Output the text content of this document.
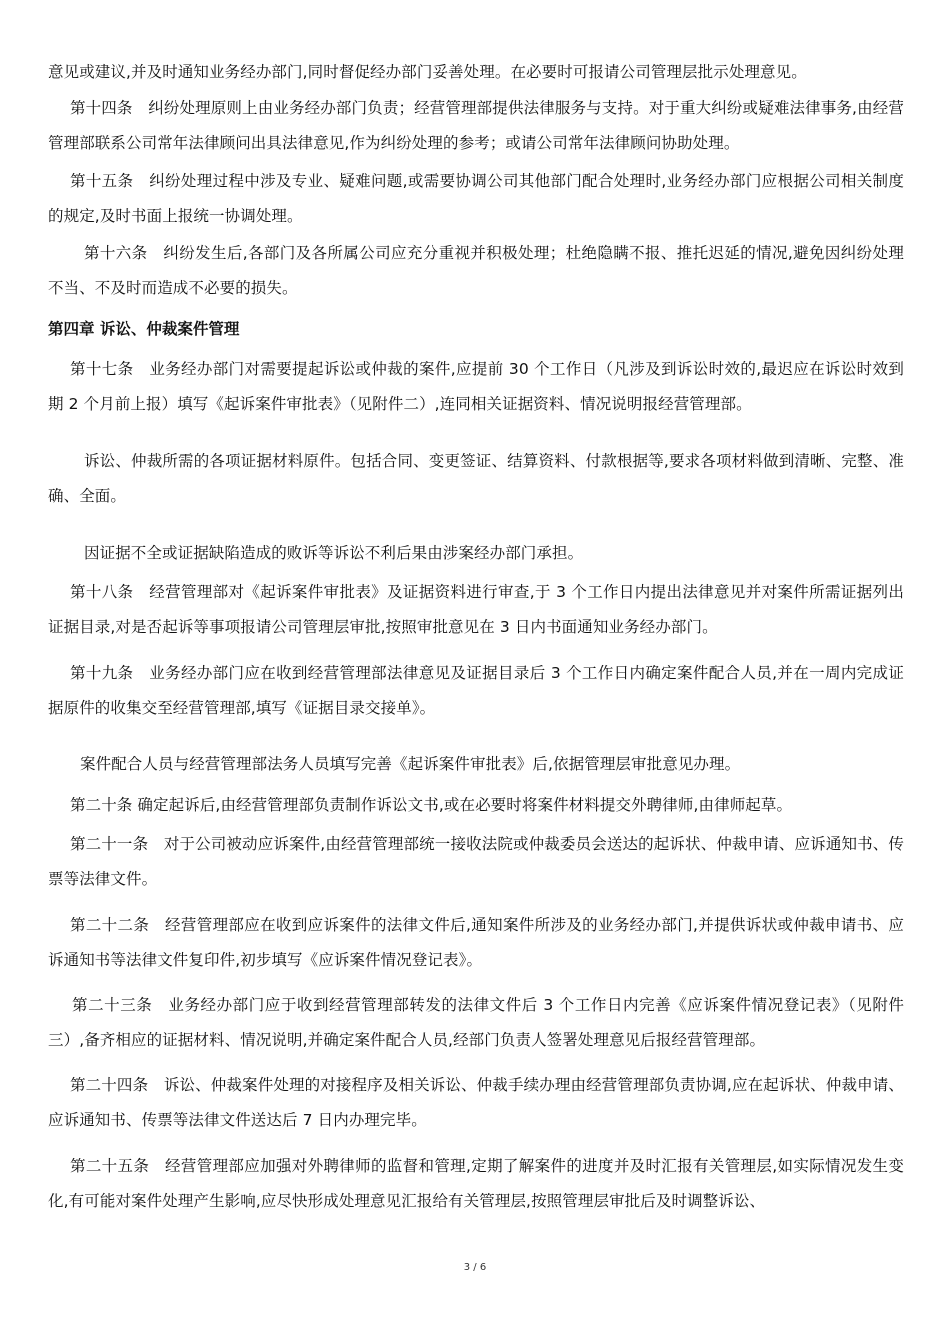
意见或建议,并及时通知业务经办部门,同时督促经办部门妥善处理。在必要时可报请公司管理层批示处理意见。

第十四条　纠纷处理原则上由业务经办部门负责；经营管理部提供法律服务与支持。对于重大纠纷或疑难法律事务,由经营管理部联系公司常年法律顾问出具法律意见,作为纠纷处理的参考；或请公司常年法律顾问协助处理。

第十五条　纠纷处理过程中涉及专业、疑难问题,或需要协调公司其他部门配合处理时,业务经办部门应根据公司相关制度的规定,及时书面上报统一协调处理。

第十六条　纠纷发生后,各部门及各所属公司应充分重视并积极处理；杜绝隐瞒不报、推托迟延的情况,避免因纠纷处理不当、不及时而造成不必要的损失。

第四章 诉讼、仲裁案件管理

第十七条　业务经办部门对需要提起诉讼或仲裁的案件,应提前 30 个工作日（凡涉及到诉讼时效的,最迟应在诉讼时效到期 2 个月前上报）填写《起诉案件审批表》（见附件二）,连同相关证据资料、情况说明报经营管理部。

诉讼、仲裁所需的各项证据材料原件。包括合同、变更签证、结算资料、付款根据等,要求各项材料做到清晰、完整、准确、全面。

因证据不全或证据缺陷造成的败诉等诉讼不利后果由涉案经办部门承担。

第十八条　经营管理部对《起诉案件审批表》及证据资料进行审查,于 3 个工作日内提出法律意见并对案件所需证据列出证据目录,对是否起诉等事项报请公司管理层审批,按照审批意见在 3 日内书面通知业务经办部门。

第十九条　业务经办部门应在收到经营管理部法律意见及证据目录后 3 个工作日内确定案件配合人员,并在一周内完成证据原件的收集交至经营管理部,填写《证据目录交接单》。

案件配合人员与经营管理部法务人员填写完善《起诉案件审批表》后,依据管理层审批意见办理。

第二十条 确定起诉后,由经营管理部负责制作诉讼文书,或在必要时将案件材料提交外聘律师,由律师起草。

第二十一条　对于公司被动应诉案件,由经营管理部统一接收法院或仲裁委员会送达的起诉状、仲裁申请、应诉通知书、传票等法律文件。

第二十二条　经营管理部应在收到应诉案件的法律文件后,通知案件所涉及的业务经办部门,并提供诉状或仲裁申请书、应诉通知书等法律文件复印件,初步填写《应诉案件情况登记表》。

第二十三条　业务经办部门应于收到经营管理部转发的法律文件后 3 个工作日内完善《应诉案件情况登记表》（见附件三）,备齐相应的证据材料、情况说明,并确定案件配合人员,经部门负责人签署处理意见后报经营管理部。

第二十四条　诉讼、仲裁案件处理的对接程序及相关诉讼、仲裁手续办理由经营管理部负责协调,应在起诉状、仲裁申请、应诉通知书、传票等法律文件送达后 7 日内办理完毕。

第二十五条　经营管理部应加强对外聘律师的监督和管理,定期了解案件的进度并及时汇报有关管理层,如实际情况发生变化,有可能对案件处理产生影响,应尽快形成处理意见汇报给有关管理层,按照管理层审批后及时调整诉讼、

3 / 6
